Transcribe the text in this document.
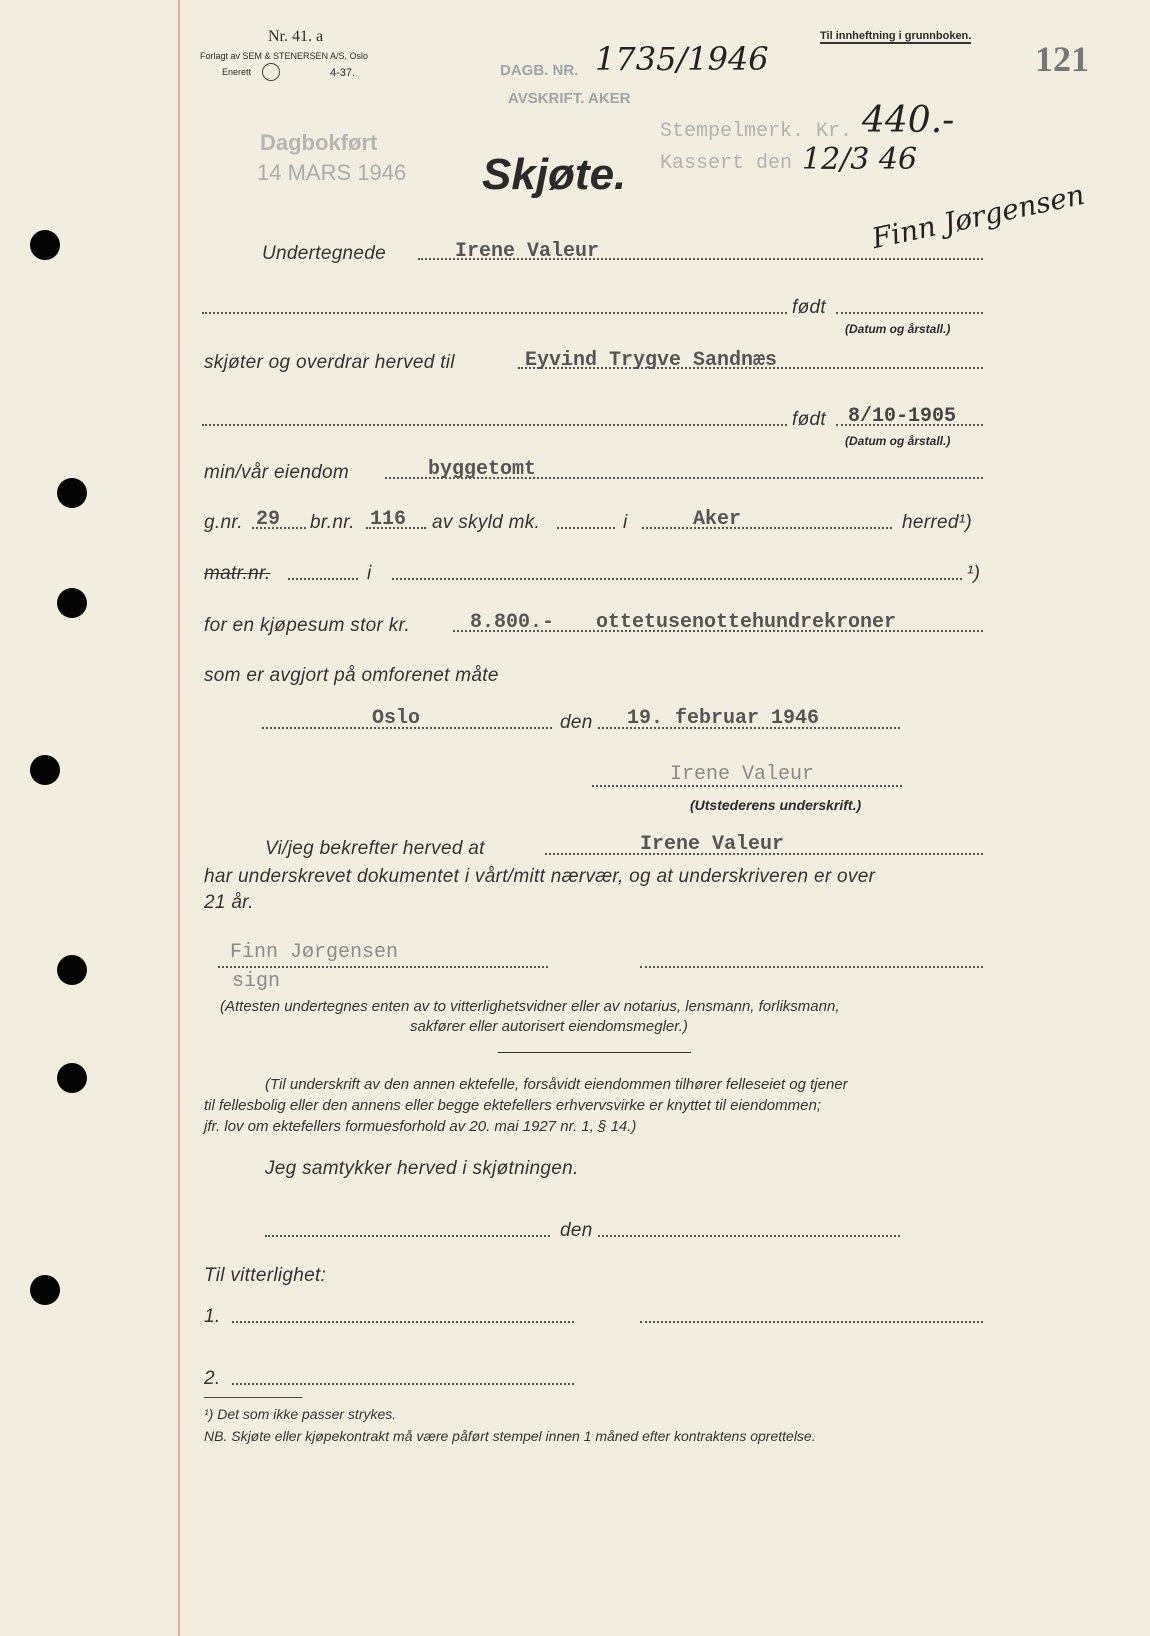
Nr. 41. a
Forlagt av SEM & STENERSEN A/S, Oslo
Enerett	4-37.
Til innheftning i grunnboken.
121
DAGB. NR. 1735/1946
AVSKRIFT. AKER
Dagbokført
14 MARS 1946
Stempelmerk. Kr. 440.-
Kassert den 12/3 46
Finn Jørgensen
Skjøte.
Undertegnede	Irene Valeur
født
(Datum og årstall.)
skjøter og overdrar herved til	Eyvind Trygve Sandnæs
født 8/10-1905
(Datum og årstall.)
min/vår eiendom	byggetomt
g.nr. 29 br.nr. 116 av skyld mk.	i	Aker	herred¹)
matr.nr.	i	¹)
for en kjøpesum stor kr.	8.800.- ottetusenottehundrekroner
som er avgjort på omforenet måte
Oslo	den 19. februar 1946
Irene Valeur
(Utstederens underskrift.)
Vi/jeg bekrefter herved at	Irene Valeur
har underskrevet dokumentet i vårt/mitt nærvær, og at underskriveren er over
21 år.
Finn Jørgensen
sign
(Attesten undertegnes enten av to vitterlighetsvidner eller av notarius, lensmann, forliksmann,
sakfører eller autorisert eiendomsmegler.)
(Til underskrift av den annen ektefelle, forsåvidt eiendommen tilhører felleseiet og tjener
til fellesbolig eller den annens eller begge ektefellers erhvervsvirke er knyttet til eiendommen;
jfr. lov om ektefellers formuesforhold av 20. mai 1927 nr. 1, § 14.)
Jeg samtykker herved i skjøtningen.
den
Til vitterlighet:
1.
2.
¹) Det som ikke passer strykes.
NB. Skjøte eller kjøpekontrakt må være påført stempel innen 1 måned efter kontraktens oprettelse.
